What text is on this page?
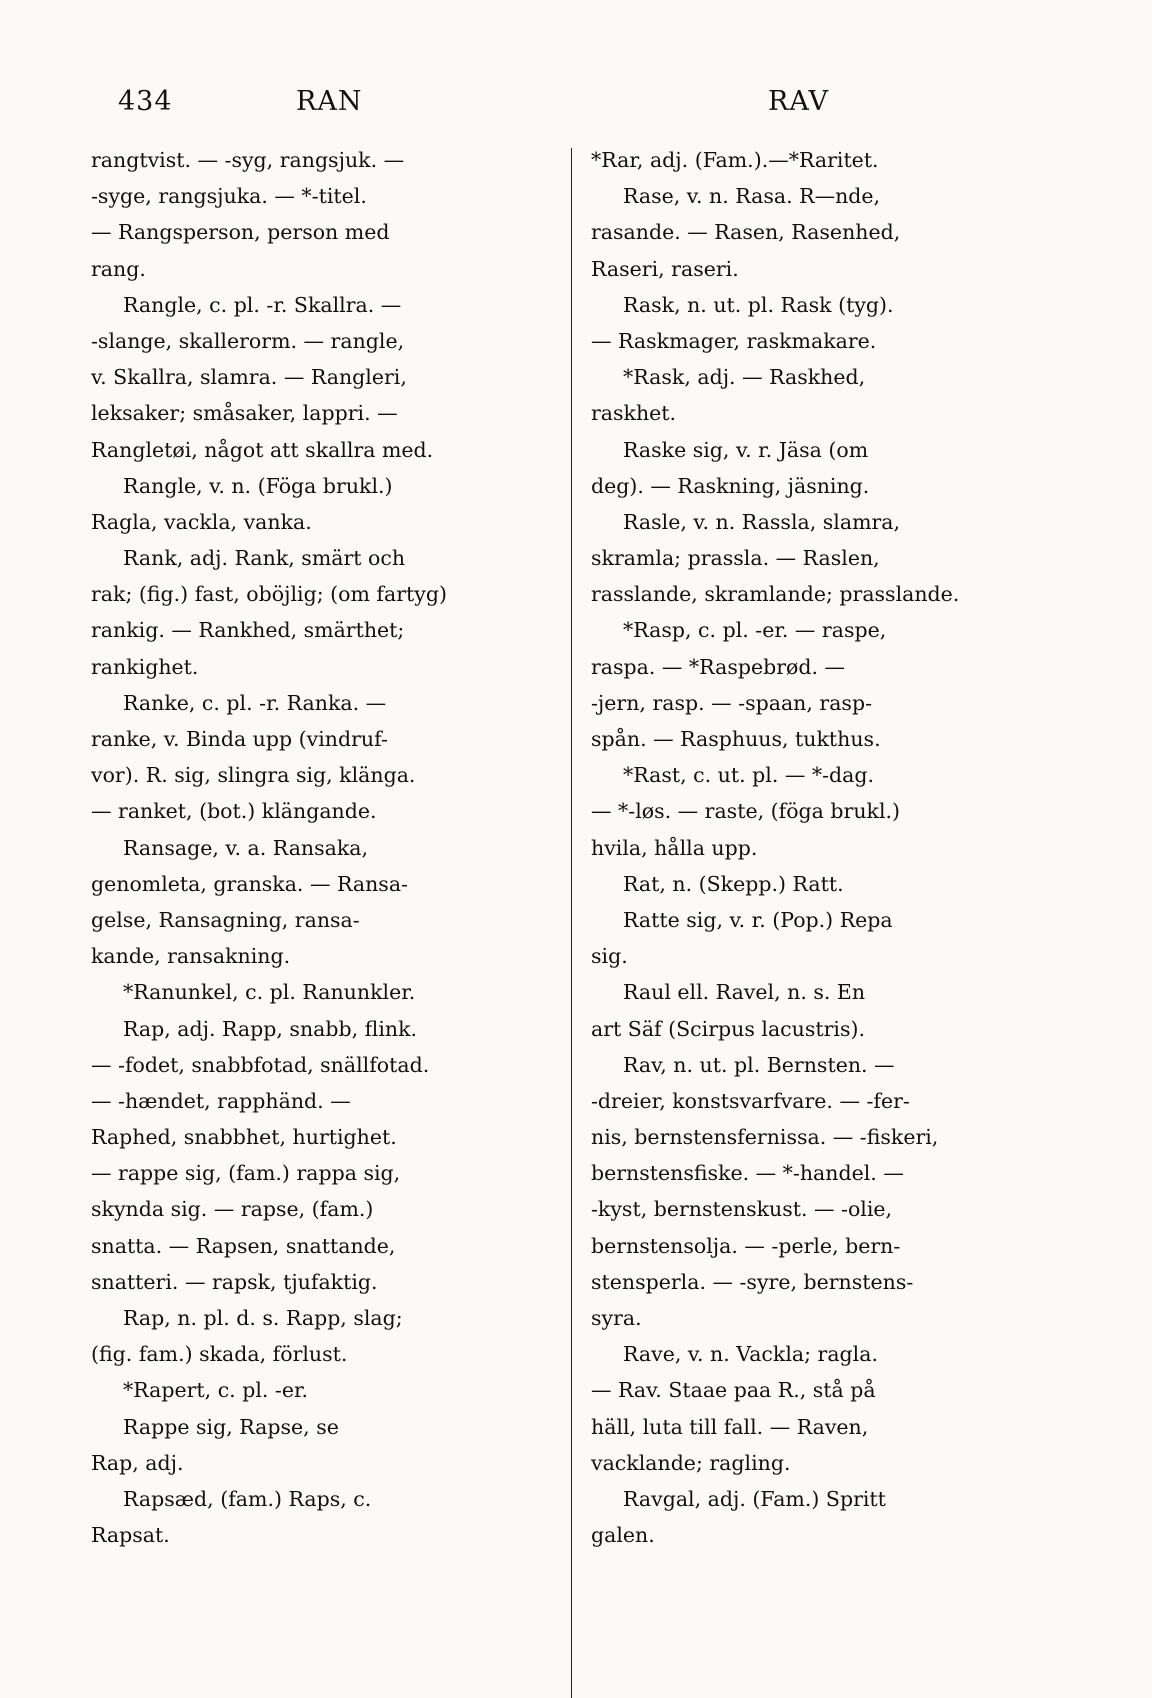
434	RAN	RAV
rangtvist. — -syg, rangsjuk. —
-syge, rangsjuka. — *-titel.
— Rangsperson, person med
rang.
Rangle, c. pl. -r. Skallra. —
-slange, skallerorm. — rangle,
v. Skallra, slamra. — Rangleri,
leksaker; småsaker, lappri. —
Rangletøi, något att skallra med.
Rangle, v. n. (Föga brukl.)
Ragla, vackla, vanka.
Rank, adj. Rank, smärt och
rak; (fig.) fast, oböjlig; (om fartyg)
rankig. — Rankhed, smärthet;
rankighet.
Ranke, c. pl. -r. Ranka. —
ranke, v. Binda upp (vindruf-
vor). R. sig, slingra sig, klänga.
— ranket, (bot.) klängande.
Ransage, v. a. Ransaka,
genomleta, granska. — Ransa-
gelse, Ransagning, ransa-
kande, ransakning.
*Ranunkel, c. pl. Ranunkler.
Rap, adj. Rapp, snabb, flink.
— -fodet, snabbfotad, snällfotad.
— -hændet, rapphänd. —
Raphed, snabbhet, hurtighet.
— rappe sig, (fam.) rappa sig,
skynda sig. — rapse, (fam.)
snatta. — Rapsen, snattande,
snatteri. — rapsk, tjufaktig.
Rap, n. pl. d. s. Rapp, slag;
(fig. fam.) skada, förlust.
*Rapert, c. pl. -er.
Rappe sig, Rapse, se
Rap, adj.
Rapsæd, (fam.) Raps, c.
Rapsat.
*Rar, adj. (Fam.).—*Raritet.
Rase, v. n. Rasa. R—nde,
rasande. — Rasen, Rasenhed,
Raseri, raseri.
Rask, n. ut. pl. Rask (tyg).
— Raskmager, raskmakare.
*Rask, adj. — Raskhed,
raskhet.
Raske sig, v. r. Jäsa (om
deg). — Raskning, jäsning.
Rasle, v. n. Rassla, slamra,
skramla; prassla. — Raslen,
rasslande, skramlande; prasslande.
*Rasp, c. pl. -er. — raspe,
raspa. — *Raspebrød. —
-jern, rasp. — -spaan, rasp-
spån. — Rasphuus, tukthus.
*Rast, c. ut. pl. — *-dag.
— *-løs. — raste, (föga brukl.)
hvila, hålla upp.
Rat, n. (Skepp.) Ratt.
Ratte sig, v. r. (Pop.) Repa
sig.
Raul ell. Ravel, n. s. En
art Säf (Scirpus lacustris).
Rav, n. ut. pl. Bernsten. —
-dreier, konstsvarfvare. — -fer-
nis, bernstensfernissa. — -fiskeri,
bernstensfiske. — *-handel. —
-kyst, bernstenskust. — -olie,
bernstensolja. — -perle, bern-
stensperla. — -syre, bernstens-
syra.
Rave, v. n. Vackla; ragla.
— Rav. Staae paa R., stå på
häll, luta till fall. — Raven,
vacklande; ragling.
Ravgal, adj. (Fam.) Spritt
galen.
